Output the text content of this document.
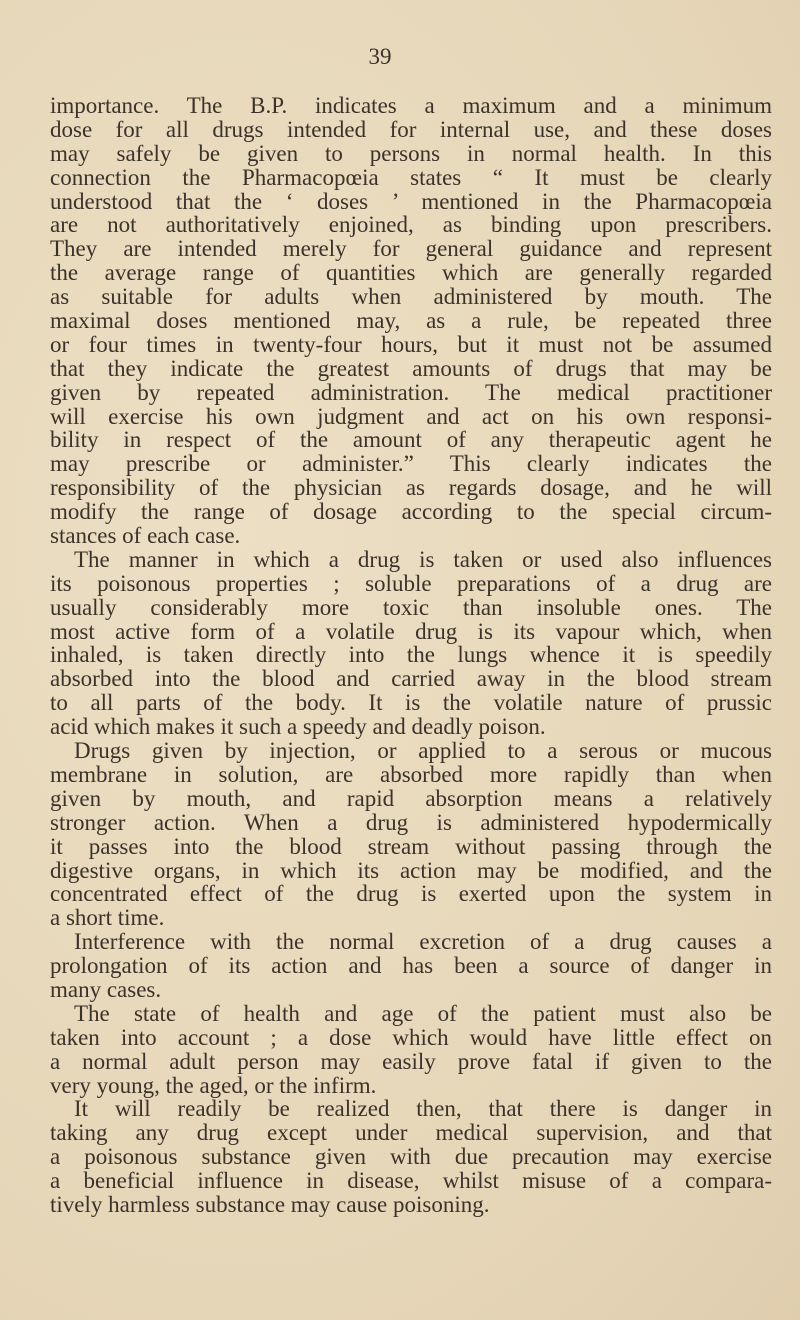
39
importance. The B.P. indicates a maximum and a minimum
dose for all drugs intended for internal use, and these doses
may safely be given to persons in normal health. In this
connection the Pharmacopœia states “ It must be clearly
understood that the ‘ doses ’ mentioned in the Pharmacopœia
are not authoritatively enjoined, as binding upon prescribers.
They are intended merely for general guidance and represent
the average range of quantities which are generally regarded
as suitable for adults when administered by mouth. The
maximal doses mentioned may, as a rule, be repeated three
or four times in twenty-four hours, but it must not be assumed
that they indicate the greatest amounts of drugs that may be
given by repeated administration. The medical practitioner
will exercise his own judgment and act on his own responsi-
bility in respect of the amount of any therapeutic agent he
may prescribe or administer.” This clearly indicates the
responsibility of the physician as regards dosage, and he will
modify the range of dosage according to the special circum-
stances of each case.
The manner in which a drug is taken or used also influences
its poisonous properties ; soluble preparations of a drug are
usually considerably more toxic than insoluble ones. The
most active form of a volatile drug is its vapour which, when
inhaled, is taken directly into the lungs whence it is speedily
absorbed into the blood and carried away in the blood stream
to all parts of the body. It is the volatile nature of prussic
acid which makes it such a speedy and deadly poison.
Drugs given by injection, or applied to a serous or mucous
membrane in solution, are absorbed more rapidly than when
given by mouth, and rapid absorption means a relatively
stronger action. When a drug is administered hypodermically
it passes into the blood stream without passing through the
digestive organs, in which its action may be modified, and the
concentrated effect of the drug is exerted upon the system in
a short time.
Interference with the normal excretion of a drug causes a
prolongation of its action and has been a source of danger in
many cases.
The state of health and age of the patient must also be
taken into account ; a dose which would have little effect on
a normal adult person may easily prove fatal if given to the
very young, the aged, or the infirm.
It will readily be realized then, that there is danger in
taking any drug except under medical supervision, and that
a poisonous substance given with due precaution may exercise
a beneficial influence in disease, whilst misuse of a compara-
tively harmless substance may cause poisoning.
